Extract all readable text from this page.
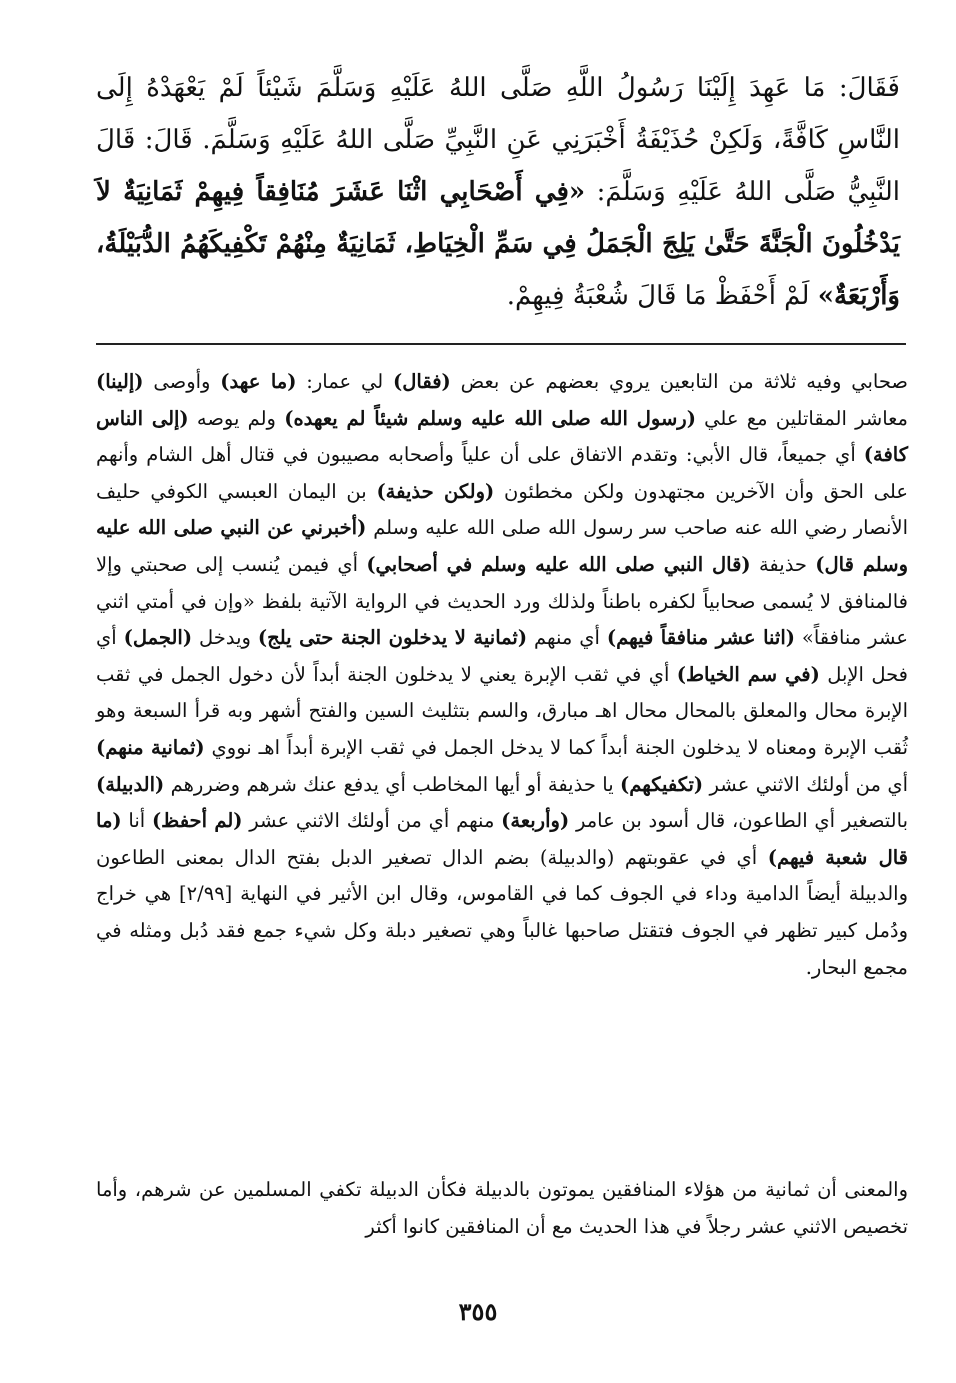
فَقَالَ: مَا عَهِدَ إِلَيْنَا رَسُولُ اللَّهِ صَلَّى اللهُ عَلَيْهِ وَسَلَّمَ شَيْئاً لَمْ يَعْهَدْهُ إِلَى النَّاسِ كَافَّةً، وَلَكِنْ حُذَيْفَةُ أَخْبَرَنِي عَنِ النَّبِيِّ صَلَّى اللهُ عَلَيْهِ وَسَلَّمَ. قَالَ: قَالَ النَّبِيُّ صَلَّى اللهُ عَلَيْهِ وَسَلَّمَ: «فِي أَصْحَابِي اثْنَا عَشَرَ مُنَافِقاً فِيهِمْ ثَمَانِيَةٌ لاَ يَدْخُلُونَ الْجَنَّةَ حَتَّىٰ يَلِجَ الْجَمَلُ فِي سَمِّ الْخِيَاطِ، ثَمَانِيَةٌ مِنْهُمْ تَكْفِيكَهُمُ الدُّبَيْلَةُ، وَأَرْبَعَةٌ» لَمْ أَحْفَظْ مَا قَالَ شُعْبَةُ فِيهِمْ.
صحابي وفيه ثلاثة من التابعين يروي بعضهم عن بعض (فقال) لي عمار: (ما عهد) وأوصى (إلينا) معاشر المقاتلين مع علي (رسول الله صلى الله عليه وسلم شيئاً لم يعهده) ولم يوصه (إلى الناس كافة) أي جميعاً، قال الأبي: وتقدم الاتفاق على أن علياً وأصحابه مصيبون في قتال أهل الشام وأنهم على الحق وأن الآخرين مجتهدون ولكن مخطئون (ولكن حذيفة) بن اليمان العبسي الكوفي حليف الأنصار رضي الله عنه صاحب سر رسول الله صلى الله عليه وسلم (أخبرني عن النبي صلى الله عليه وسلم قال) حذيفة (قال النبي صلى الله عليه وسلم في أصحابي) أي فيمن يُنسب إلى صحبتي وإلا فالمنافق لا يُسمى صحابياً لكفره باطناً ولذلك ورد الحديث في الرواية الآتية بلفظ «وإن في أمتي اثني عشر منافقاً» (اثنا عشر منافقاً فيهم) أي منهم (ثمانية لا يدخلون الجنة حتى يلج) ويدخل (الجمل) أي فحل الإبل (في سم الخياط) أي في ثقب الإبرة يعني لا يدخلون الجنة أبداً لأن دخول الجمل في ثقب الإبرة محال والمعلق بالمحال محال اهـ مبارق، والسم بتثليث السين والفتح أشهر وبه قرأ السبعة وهو ثُقب الإبرة ومعناه لا يدخلون الجنة أبداً كما لا يدخل الجمل في ثقب الإبرة أبداً اهـ نووي (ثمانية منهم) أي من أولئك الاثني عشر (تكفيكهم) يا حذيفة أو أيها المخاطب أي يدفع عنك شرهم وضررهم (الدبيلة) بالتصغير أي الطاعون، قال أسود بن عامر (وأربعة) منهم أي من أولئك الاثني عشر (لم أحفظ) أنا (ما قال شعبة فيهم) أي في عقوبتهم (والدبيلة) بضم الدال تصغير الدبل بفتح الدال بمعنى الطاعون والدبيلة أيضاً الدامية وداء في الجوف كما في القاموس، وقال ابن الأثير في النهاية [٢/٩٩] هي خراج ودُمل كبير تظهر في الجوف فتقتل صاحبها غالباً وهي تصغير دبلة وكل شيء جمع فقد دُبل ومثله في مجمع البحار.
والمعنى أن ثمانية من هؤلاء المنافقين يموتون بالدبيلة فكأن الدبيلة تكفي المسلمين عن شرهم، وأما تخصيص الاثني عشر رجلاً في هذا الحديث مع أن المنافقين كانوا أكثر
٣٥٥
